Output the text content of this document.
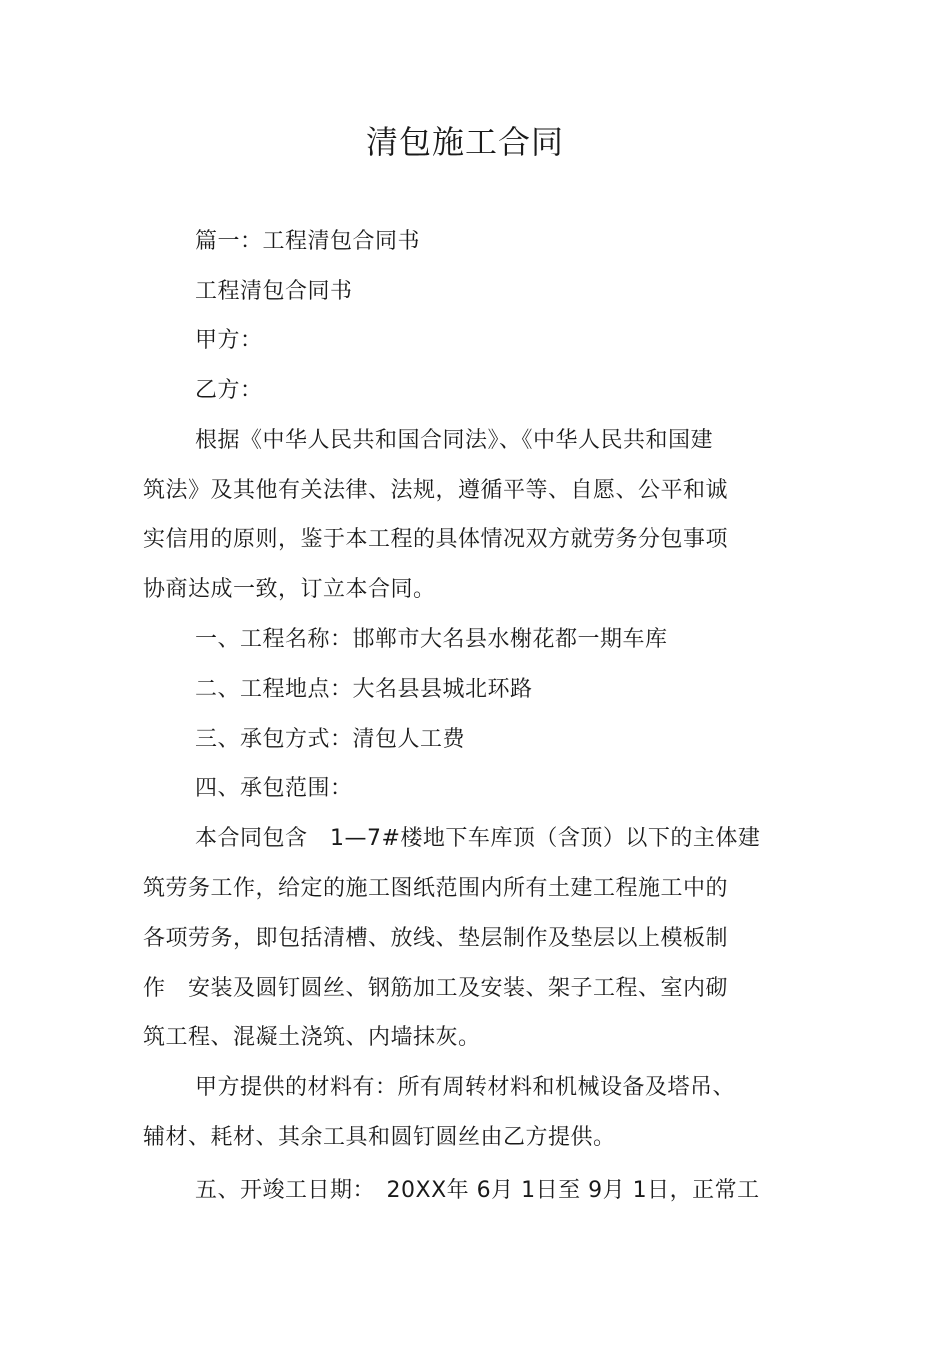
清包施工合同
篇一：工程清包合同书
工程清包合同书
甲方：
乙方：
根据《中华人民共和国合同法》、《中华人民共和国建
筑法》及其他有关法律、法规，遵循平等、自愿、公平和诚
实信用的原则，鉴于本工程的具体情况双方就劳务分包事项
协商达成一致，订立本合同。
一、工程名称：邯郸市大名县水榭花都一期车库
二、工程地点：大名县县城北环路
三、承包方式：清包人工费
四、承包范围：
本合同包含　1—7#楼地下车库顶（含顶）以下的主体建
筑劳务工作，给定的施工图纸范围内所有土建工程施工中的
各项劳务，即包括清槽、放线、垫层制作及垫层以上模板制
作　安装及圆钉圆丝、钢筋加工及安装、架子工程、室内砌
筑工程、混凝土浇筑、内墙抹灰。
甲方提供的材料有：所有周转材料和机械设备及塔吊、
辅材、耗材、其余工具和圆钉圆丝由乙方提供。
五、开竣工日期：　20XX年 6月 1日至 9月 1日，正常工
